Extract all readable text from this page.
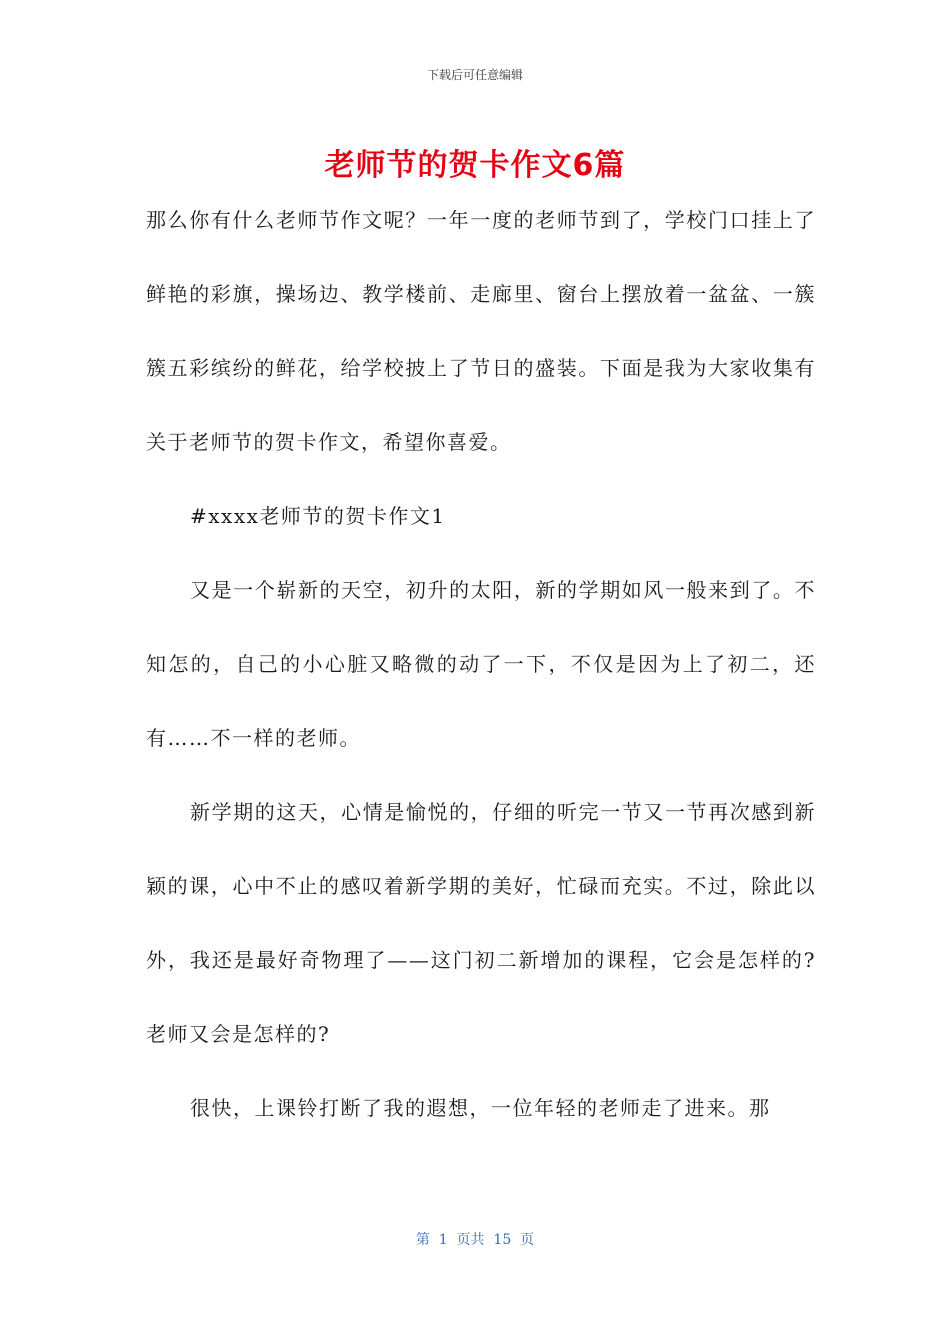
下载后可任意编辑
老师节的贺卡作文6篇

那么你有什么老师节作文呢？一年一度的老师节到了，学校门口挂上了鲜艳的彩旗，操场边、教学楼前、走廊里、窗台上摆放着一盆盆、一簇簇五彩缤纷的鲜花，给学校披上了节日的盛装。下面是我为大家收集有关于老师节的贺卡作文，希望你喜爱。

#xxxx老师节的贺卡作文1

又是一个崭新的天空，初升的太阳，新的学期如风一般来到了。不知怎的，自己的小心脏又略微的动了一下，不仅是因为上了初二，还有……不一样的老师。

新学期的这天，心情是愉悦的，仔细的听完一节又一节再次感到新颖的课，心中不止的感叹着新学期的美好，忙碌而充实。不过，除此以外，我还是最好奇物理了——这门初二新增加的课程，它会是怎样的?老师又会是怎样的?

很快，上课铃打断了我的遐想，一位年轻的老师走了进来。那

第  1  页共  15  页
